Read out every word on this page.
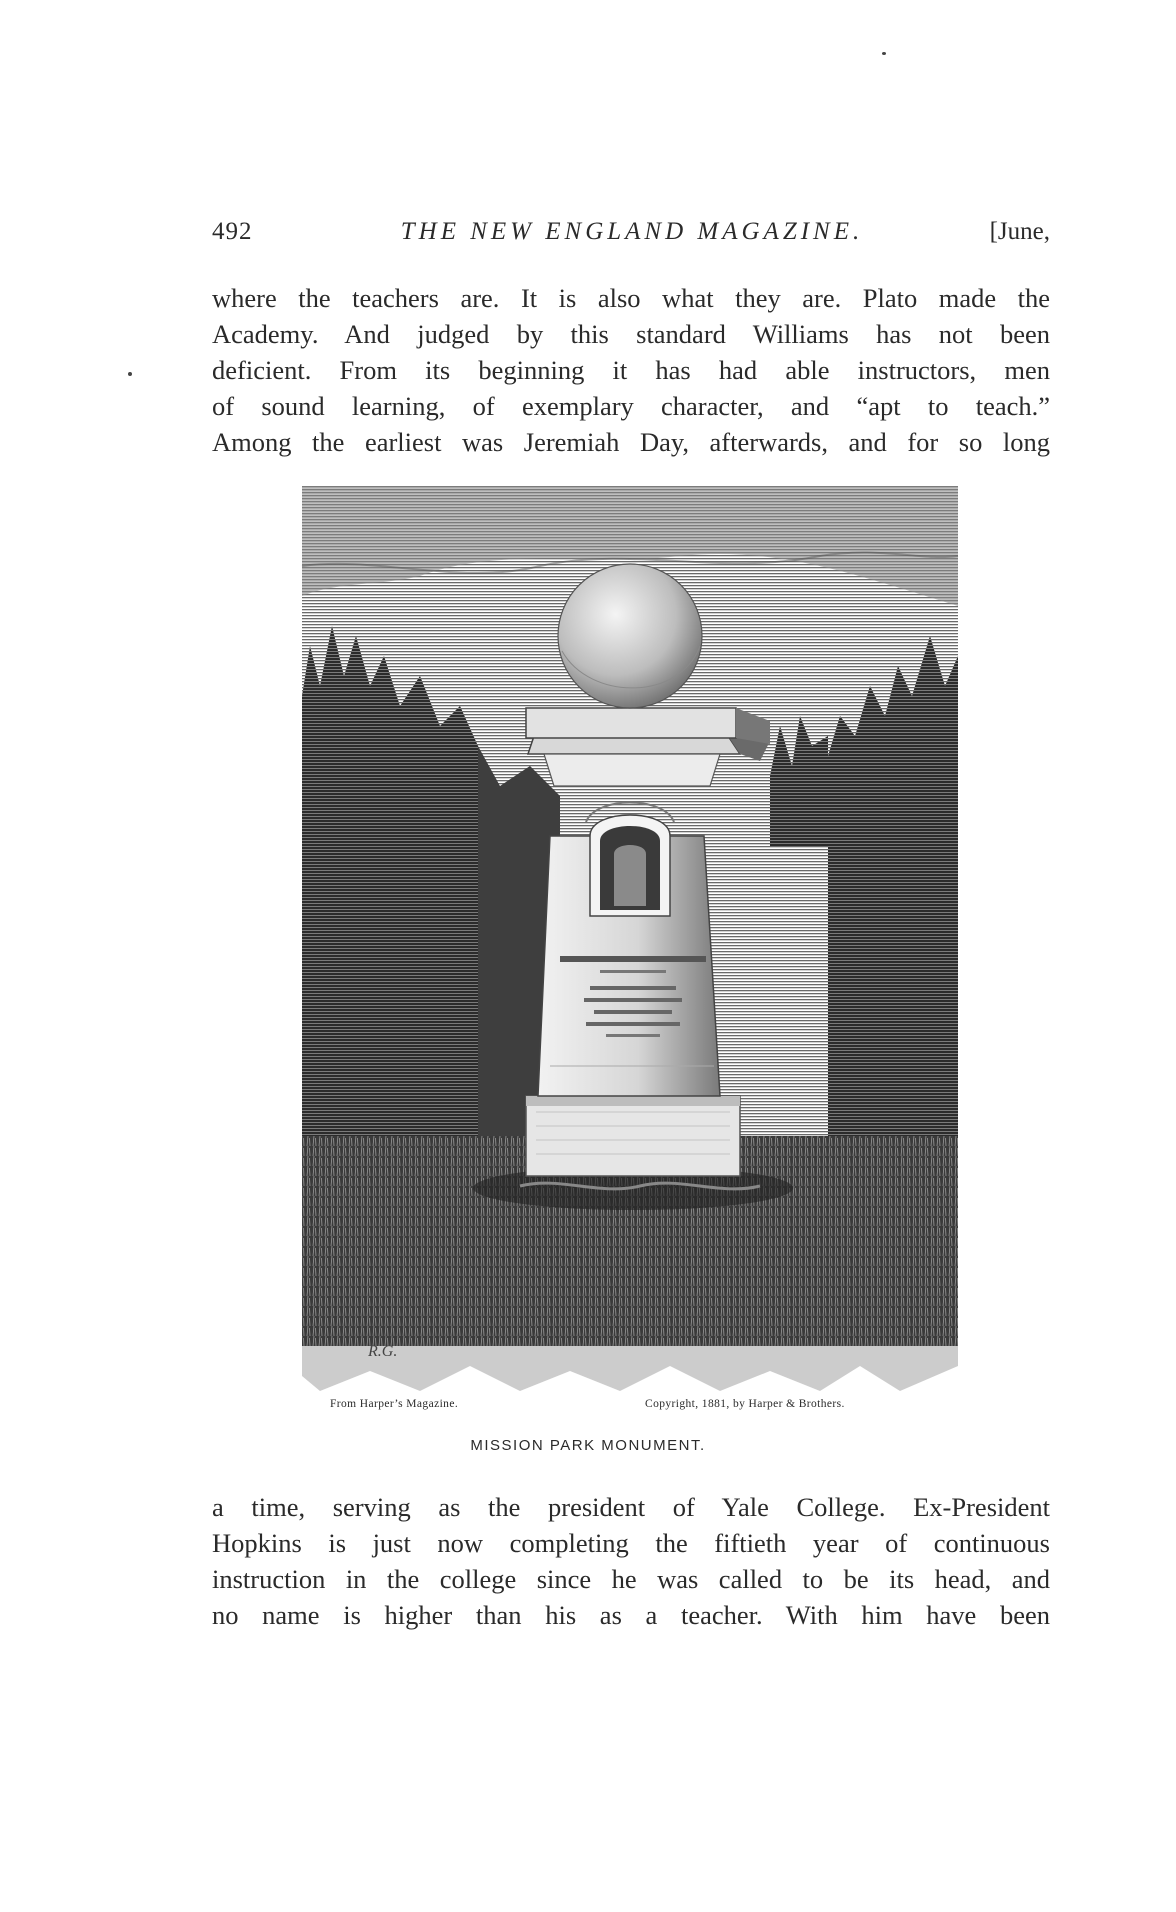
492	THE NEW ENGLAND MAGAZINE.	[June,

where the teachers are. It is also what they are. Plato made the
Academy. And judged by this standard Williams has not been
deficient. From its beginning it has had able instructors, men
of sound learning, of exemplary character, and “apt to teach.”
Among the earliest was Jeremiah Day, afterwards, and for so long

R.G.
From Harper’s Magazine.	Copyright, 1881, by Harper & Brothers.
MISSION PARK MONUMENT.

a time, serving as the president of Yale College. Ex-President
Hopkins is just now completing the fiftieth year of continuous
instruction in the college since he was called to be its head, and
no name is higher than his as a teacher. With him have been
